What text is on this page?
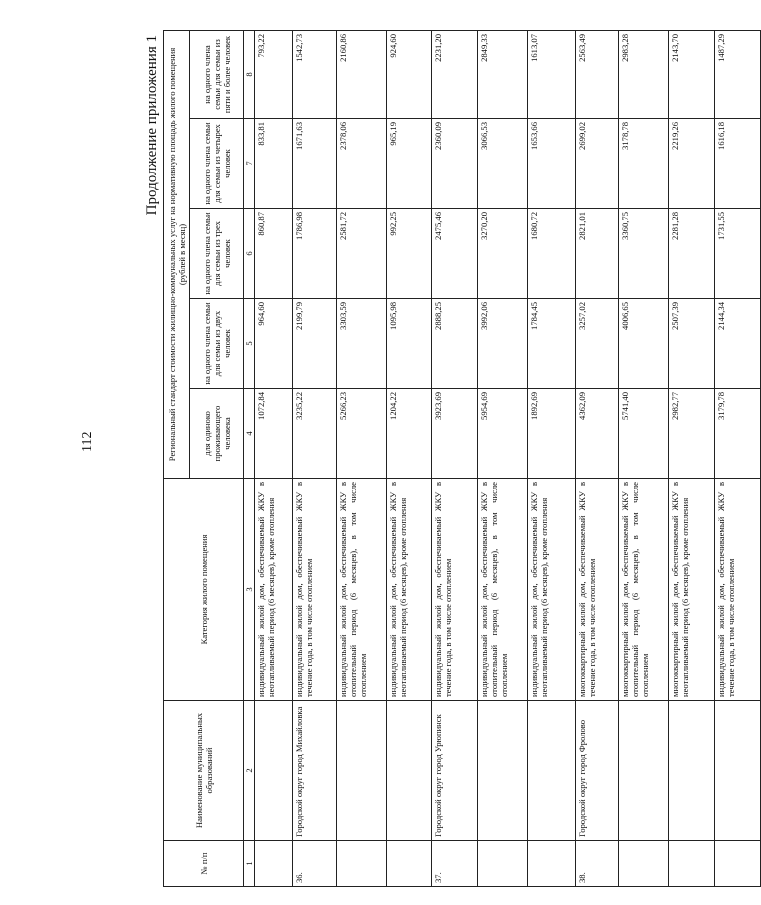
112
Продолжение приложения 1
№ п/п	Наименование муниципальных образований	Категория жилого помещения	Региональный стандарт стоимости жилищно-коммунальных услуг на нормативную площадь жилого помещения (рублей в месяц)				
			для одиноко проживающего человека	на одного члена семьи для семьи из двух человек	на одного члена семьи для семьи из трех человек	на одного члена семьи для семьи из четырех человек	на одного члена семьи для семьи из пяти и более человек
1	2	3	4	5	6	7	8
		индивидуальный жилой дом, обеспечиваемый ЖКУ в неотапливаемый период (6 месяцев), кроме отопления	1072,84	964,60	860,87	833,81	793,22
36.	Городской округ город Михайловка	индивидуальный жилой дом, обеспечиваемый ЖКУ в течение года, в том числе отоплением	3235,22	2199,79	1786,98	1671,63	1542,73
		индивидуальный жилой дом, обеспечиваемый ЖКУ в отопительный период (6 месяцев), в том числе отоплением	5266,23	3303,59	2581,72	2378,06	2160,86
		индивидуальный жилой дом, обеспечиваемый ЖКУ в неотапливаемый период (6 месяцев), кроме отопления	1204,22	1095,98	992,25	965,19	924,60
37.	Городской округ город Урюпинск	индивидуальный жилой дом, обеспечиваемый ЖКУ в течение года, в том числе отоплением	3923,69	2888,25	2475,46	2360,09	2231,20
		индивидуальный жилой дом, обеспечиваемый ЖКУ в отопительный период (6 месяцев), в том числе отоплением	5954,69	3992,06	3270,20	3066,53	2849,33
		индивидуальный жилой дом, обеспечиваемый ЖКУ в неотапливаемый период (6 месяцев), кроме отопления	1892,69	1784,45	1680,72	1653,66	1613,07
38.	Городской округ город Фролово	многоквартирный жилой дом, обеспечиваемый ЖКУ в течение года, в том числе отоплением	4362,09	3257,02	2821,01	2699,02	2563,49
		многоквартирный жилой дом, обеспечиваемый ЖКУ в отопительный период (6 месяцев), в том числе отоплением	5741,40	4006,65	3360,75	3178,78	2983,28
		многоквартирный жилой дом, обеспечиваемый ЖКУ в неотапливаемый период (6 месяцев), кроме отопления	2982,77	2507,39	2281,28	2219,26	2143,70
		индивидуальный жилой дом, обеспечиваемый ЖКУ в течение года, в том числе отоплением	3179,78	2144,34	1731,55	1616,18	1487,29
